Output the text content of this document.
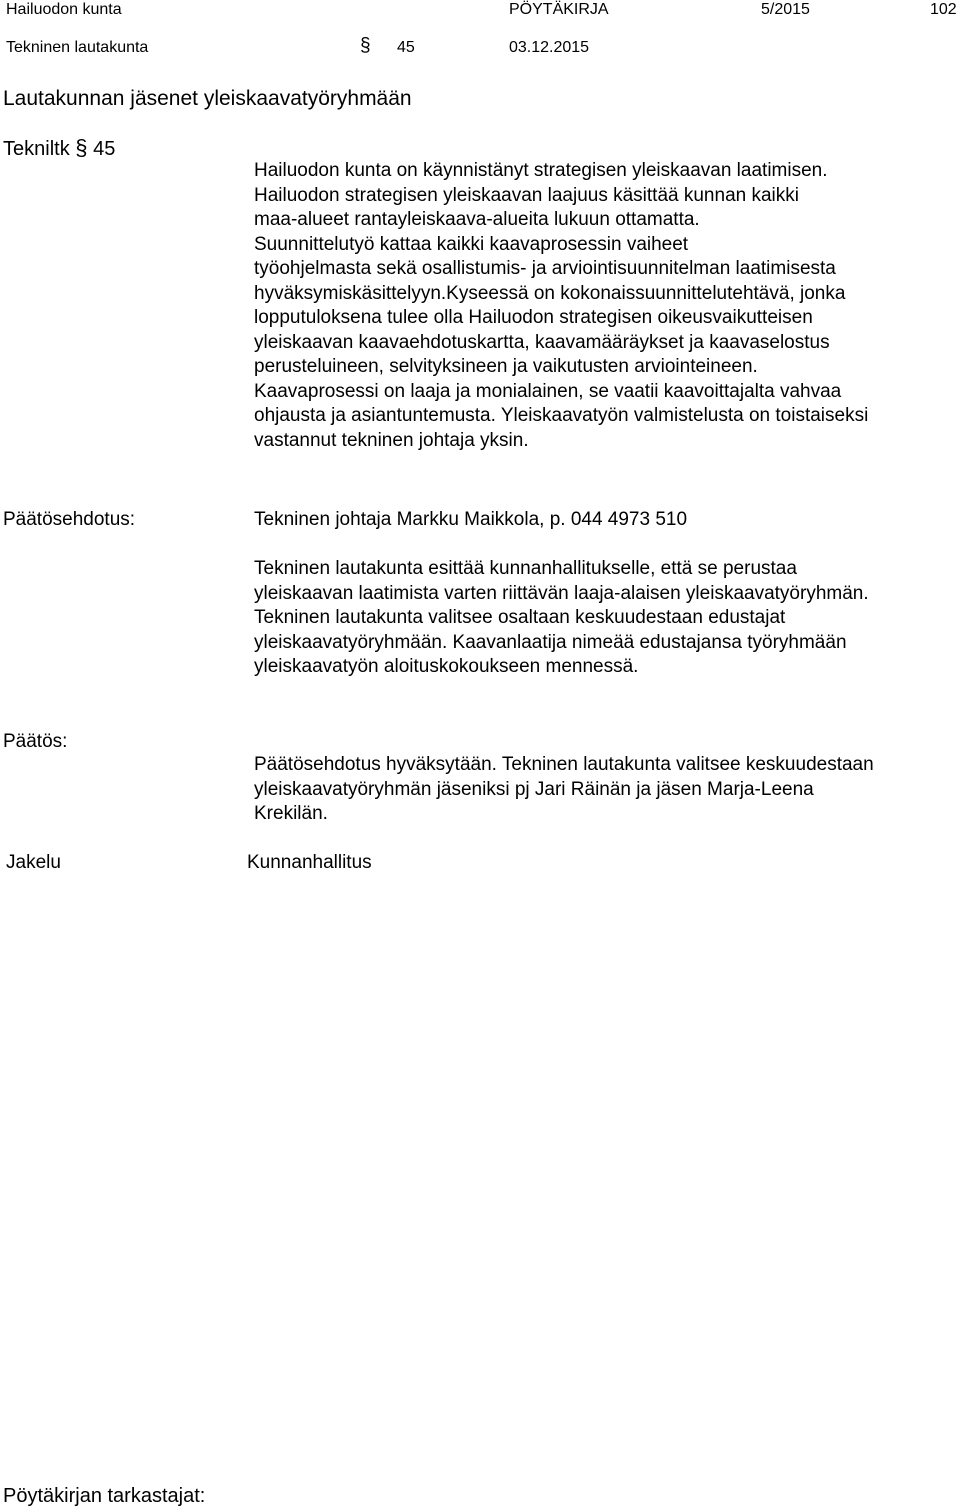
Hailuodon kunta	PÖYTÄKIRJA	5/2015	102
Tekninen lautakunta	§ 45	03.12.2015
Lautakunnan jäsenet yleiskaavatyöryhmään
Tekniltk § 45
Hailuodon kunta on käynnistänyt strategisen yleiskaavan laatimisen.
Hailuodon strategisen yleiskaavan laajuus käsittää kunnan kaikki
maa-alueet rantayleiskaava-alueita lukuun ottamatta.
Suunnittelutyö kattaa kaikki kaavaprosessin vaiheet
työohjelmasta sekä osallistumis- ja arviointisuunnitelman laatimisesta
hyväksymiskäsittelyyn.Kyseessä on kokonaissuunnittelutehtävä, jonka
lopputuloksena tulee olla Hailuodon strategisen oikeusvaikutteisen
yleiskaavan kaavaehdotuskartta, kaavamääräykset ja kaavaselostus
perusteluineen, selvityksineen ja vaikutusten arviointeineen.
Kaavaprosessi on laaja ja monialainen, se vaatii kaavoittajalta vahvaa
ohjausta ja asiantuntemusta. Yleiskaavatyön valmistelusta on toistaiseksi
vastannut tekninen johtaja yksin.
Päätösehdotus:	Tekninen johtaja Markku Maikkola, p. 044 4973 510
Tekninen lautakunta esittää kunnanhallitukselle, että se perustaa
yleiskaavan laatimista varten riittävän laaja-alaisen yleiskaavatyöryhmän.
Tekninen lautakunta valitsee osaltaan keskuudestaan edustajat
yleiskaavatyöryhmään. Kaavanlaatija nimeää edustajansa työryhmään
yleiskaavatyön aloituskokoukseen mennessä.
Päätös:
Päätösehdotus hyväksytään. Tekninen lautakunta valitsee keskuudestaan
yleiskaavatyöryhmän jäseniksi pj Jari Räinän ja jäsen Marja-Leena
Krekilän.
Jakelu	Kunnanhallitus
Pöytäkirjan tarkastajat:
